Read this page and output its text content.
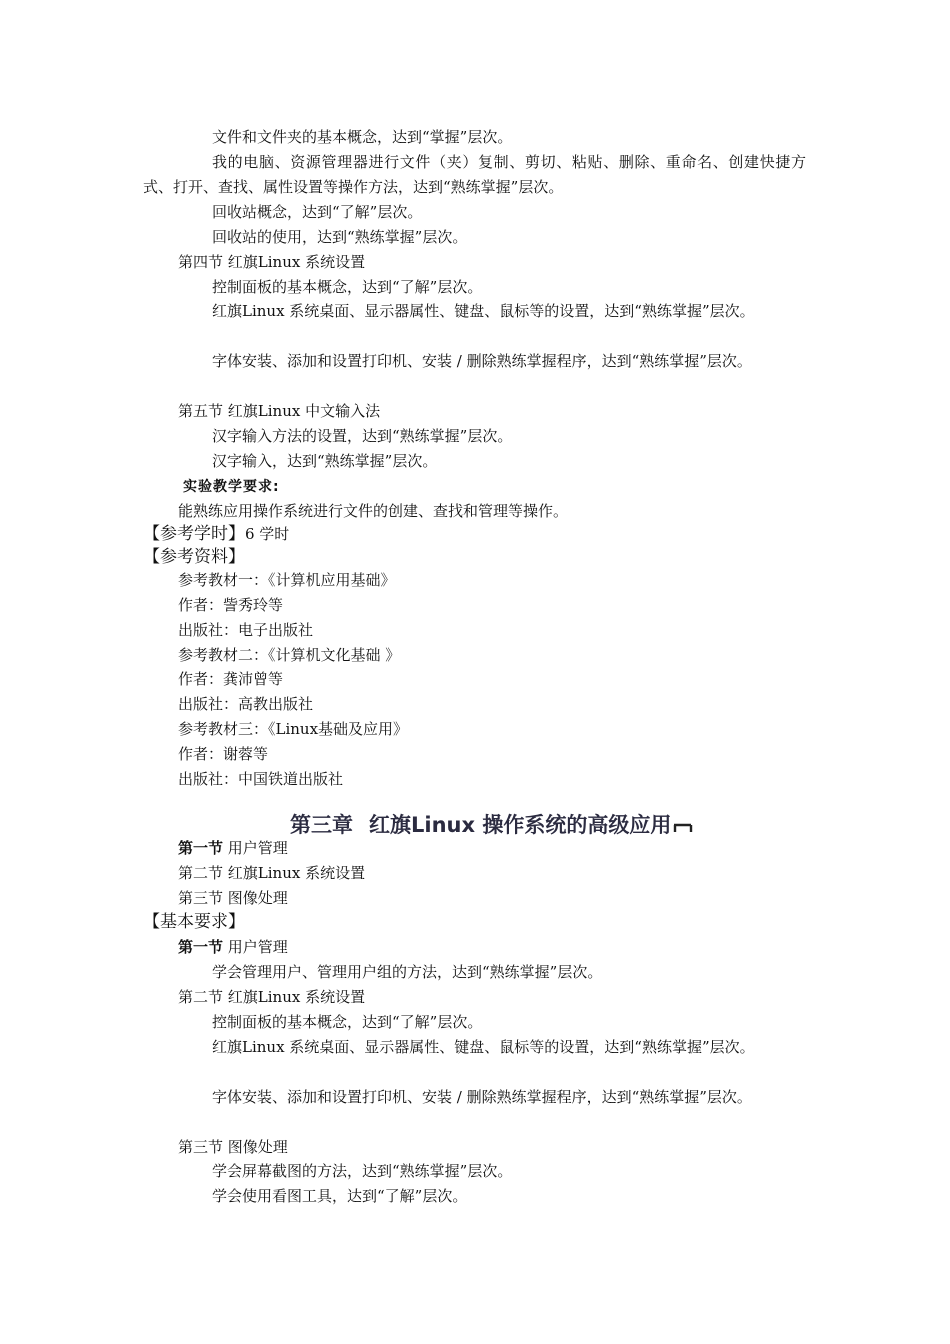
文件和文件夹的基本概念，达到“掌握”层次。
我的电脑、资源管理器进行文件（夹）复制、剪切、粘贴、删除、重命名、创建快捷方式、打开、查找、属性设置等操作方法，达到“熟练掌握”层次。
回收站概念，达到“了解”层次。
回收站的使用，达到“熟练掌握”层次。
第四节 红旗Linux 系统设置
控制面板的基本概念，达到“了解”层次。
红旗Linux 系统桌面、显示器属性、键盘、鼠标等的设置，达到“熟练掌握”层次。
字体安装、添加和设置打印机、安装 / 删除熟练掌握程序，达到“熟练掌握”层次。
第五节 红旗Linux 中文输入法
汉字输入方法的设置，达到“熟练掌握”层次。
汉字输入，达到“熟练掌握”层次。
实验教学要求:
能熟练应用操作系统进行文件的创建、查找和管理等操作。
【参考学时】6 学时
【参考资料】
参考教材一：《计算机应用基础》
作者：訾秀玲等
出版社：电子出版社
参考教材二：《计算机文化基础 》
作者：龚沛曾等
出版社：高教出版社
参考教材三：《Linux基础及应用》
作者：谢蓉等
出版社：中国铁道出版社
第三章 红旗Linux 操作系统的高级应用
第一节 用户管理
第二节 红旗Linux 系统设置
第三节 图像处理
【基本要求】
第一节 用户管理
学会管理用户、管理用户组的方法，达到“熟练掌握”层次。
第二节 红旗Linux 系统设置
控制面板的基本概念，达到“了解”层次。
红旗Linux 系统桌面、显示器属性、键盘、鼠标等的设置，达到“熟练掌握”层次。
字体安装、添加和设置打印机、安装 / 删除熟练掌握程序，达到“熟练掌握”层次。
第三节 图像处理
学会屏幕截图的方法，达到“熟练掌握”层次。
学会使用看图工具，达到“了解”层次。
